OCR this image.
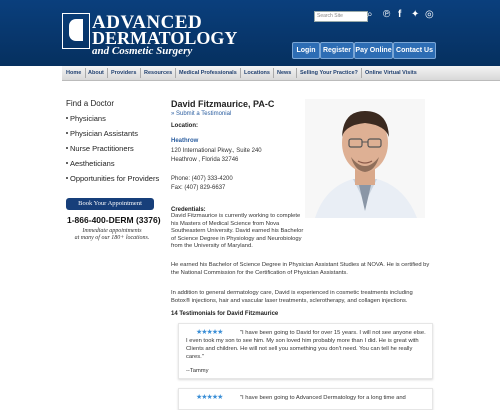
ADVANCED
DERMATOLOGY
and Cosmetic Surgery
Search Site	⌕ ℗ f ✦ ◎
Login	Register Pay Online Contact Us
Home About Providers Resources Medical Professionals Locations News Selling Your Practice? Online Virtual Visits
Find a Doctor
Physicians
Physician Assistants
Nurse Practitioners
Aestheticians
Opportunities for Providers
Book Your Appointment
1-866-400-DERM (3376)
Immediate appointments
at many of our 180+ locations.
David Fitzmaurice, PA-C
» Submit a Testimonial
Location:
Heathrow
120 International Pkwy., Suite 240
Heathrow , Florida 32746
Phone: (407) 333-4200
Fax: (407) 829-6637
Credentials:
David Fitzmaurice is currently working to complete his Masters of Medical Science from Nova Southeastern University. David earned his Bachelor of Science Degree in Physiology and Neurobiology from the University of Maryland.
He earned his Bachelor of Science Degree in Physician Assistant Studies at NOVA. He is certified by the National Commission for the Certification of Physician Assistants.
In addition to general dermatology care, David is experienced in cosmetic treatments including Botox® injections, hair and vascular laser treatments, sclerotherapy, and collagen injections.
14 Testimonials for David Fitzmaurice
★★★★★	"I have been going to David for over 15 years. I will not see anyone else. I even took my son to see him. My son loved him probably more than I did. He is great with Clients and children. He will not sell you something you don't need. You can tell he really cares."
--Tammy
★★★★★	"I have been going to Advanced Dermatology for a long time and
